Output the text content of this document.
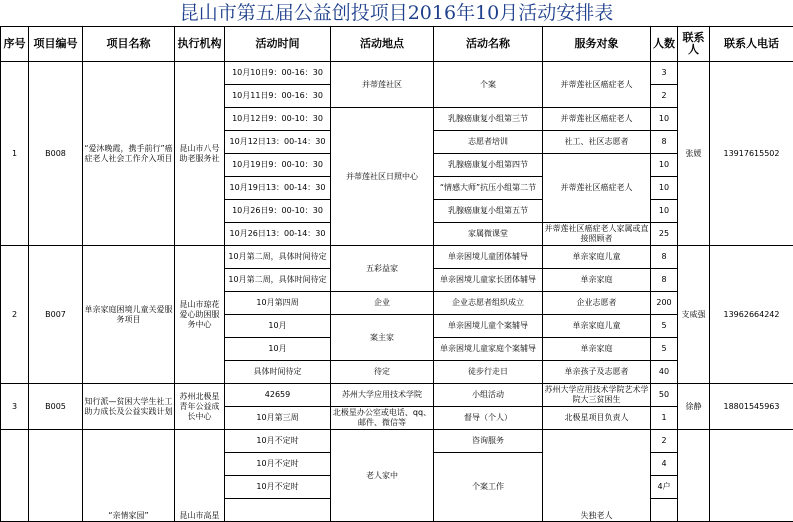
昆山市第五届公益创投项目2016年10月活动安排表
序号	项目编号	项目名称	执行机构	活动时间	活动地点	活动名称	服务对象	人数	联系人	联系人电话
1	B008	“爱沐晚霞，携手前行”癌症老人社会工作介入项目	昆山市八号助老服务社	10月10日9：00-16：30	并蒂莲社区	个案	并蒂莲社区癌症老人	3	张媛	13917615502
				10月11日9：00-16：30				2		
				10月12日9：00-10：30	并蒂莲社区日照中心	乳腺癌康复小组第三节	并蒂莲社区癌症老人	10		
				10月12日13：00-14：30		志愿者培训	社工、社区志愿者	8		
				10月19日9：00-10：30		乳腺癌康复小组第四节	并蒂莲社区癌症老人	10		
				10月19日13：00-14：30		“情感大师”抗压小组第二节		10		
				10月26日9：00-10：30		乳腺癌康复小组第五节		10		
				10月26日13：00-14：30		家属微课堂	并蒂莲社区癌症老人家属或直接照顾者	25		
2	B007	单亲家庭困境儿童关爱服务项目	昆山市琼花爱心助困服务中心	10月第二周，具体时间待定	五彩益家	单亲困境儿童团体辅导	单亲家庭儿童	8	支威强	13962664242
				10月第二周，具体时间待定		单亲困境儿童家长团体辅导	单亲家庭	8		
				10月第四周	企业	企业志愿者组织成立	企业志愿者	200		
				10月	案主家	单亲困境儿童个案辅导	单亲家庭儿童	5		
				10月		单亲困境儿童家庭个案辅导	单亲家庭	5		
				具体时间待定	待定	徒步行走日	单亲孩子及志愿者	40		
3	B005	知行派—贫困大学生社工助力成长及公益实践计划	苏州北极星青年公益成长中心	42659	苏州大学应用技术学院	小组活动	苏州大学应用技术学院艺术学院大三贫困生	50	徐静	18801545963
				10月第三周	北极星办公室或电话、qq、邮件、微信等	督导（个人）	北极星项目负责人	1		
		“亲情家园”	昆山市高星	10月不定时	老人家中	咨询服务	失独老人	2		
				10月不定时		个案工作		4		
				10月不定时				4户		
